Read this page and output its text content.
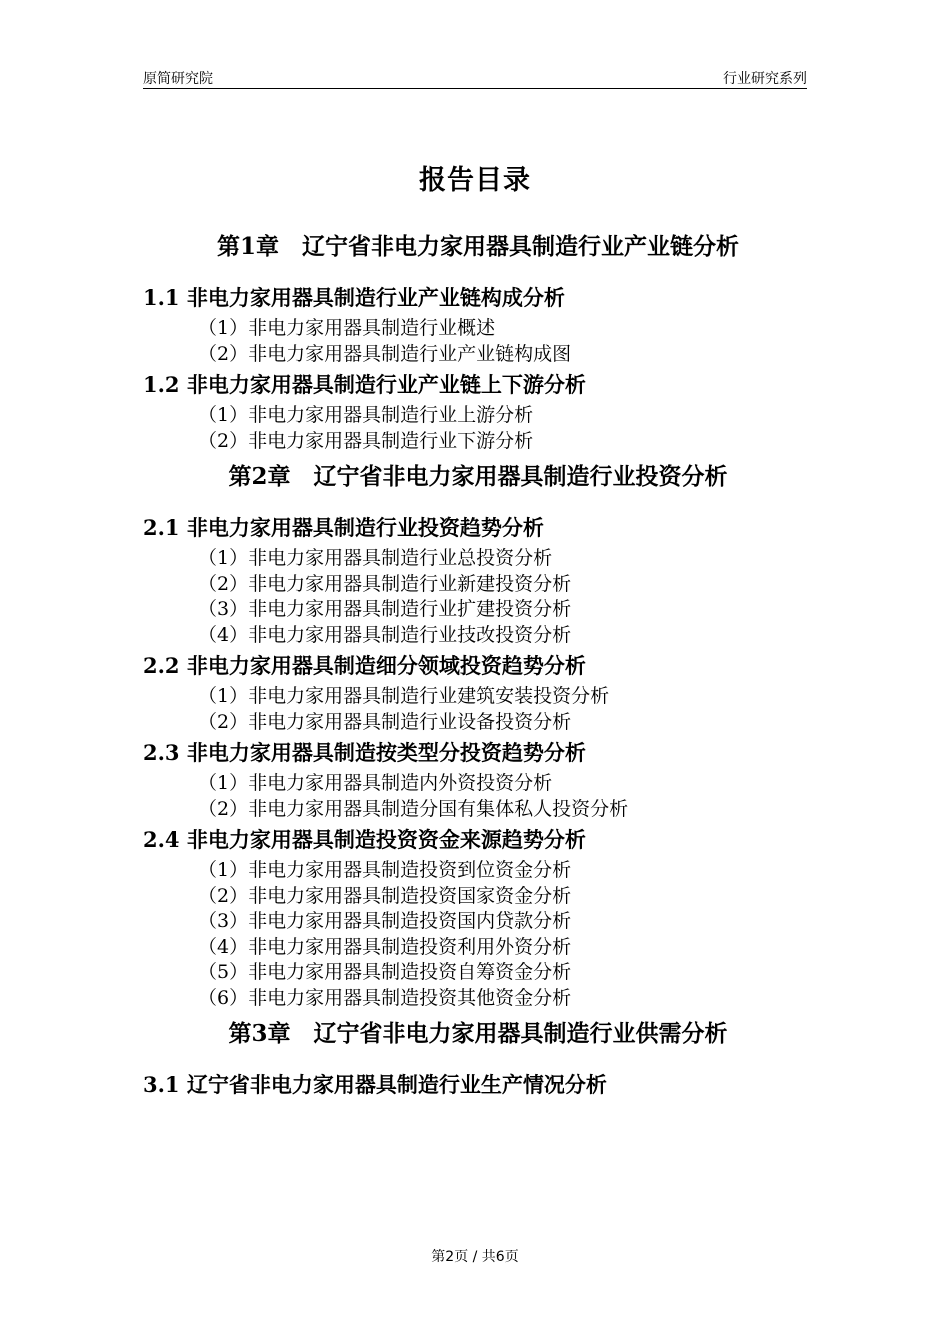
原简研究院	行业研究系列
报告目录
第1章　辽宁省非电力家用器具制造行业产业链分析
1.1 非电力家用器具制造行业产业链构成分析
（1）非电力家用器具制造行业概述
（2）非电力家用器具制造行业产业链构成图
1.2 非电力家用器具制造行业产业链上下游分析
（1）非电力家用器具制造行业上游分析
（2）非电力家用器具制造行业下游分析
第2章　辽宁省非电力家用器具制造行业投资分析
2.1 非电力家用器具制造行业投资趋势分析
（1）非电力家用器具制造行业总投资分析
（2）非电力家用器具制造行业新建投资分析
（3）非电力家用器具制造行业扩建投资分析
（4）非电力家用器具制造行业技改投资分析
2.2 非电力家用器具制造细分领域投资趋势分析
（1）非电力家用器具制造行业建筑安装投资分析
（2）非电力家用器具制造行业设备投资分析
2.3 非电力家用器具制造按类型分投资趋势分析
（1）非电力家用器具制造内外资投资分析
（2）非电力家用器具制造分国有集体私人投资分析
2.4 非电力家用器具制造投资资金来源趋势分析
（1）非电力家用器具制造投资到位资金分析
（2）非电力家用器具制造投资国家资金分析
（3）非电力家用器具制造投资国内贷款分析
（4）非电力家用器具制造投资利用外资分析
（5）非电力家用器具制造投资自筹资金分析
（6）非电力家用器具制造投资其他资金分析
第3章　辽宁省非电力家用器具制造行业供需分析
3.1 辽宁省非电力家用器具制造行业生产情况分析
第2页 / 共6页
